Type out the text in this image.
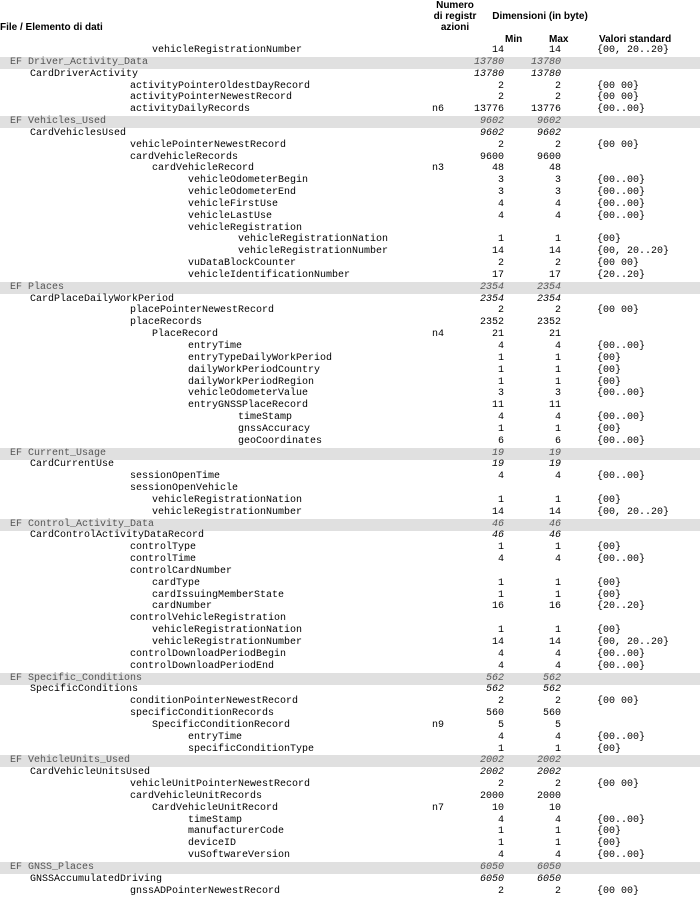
File / Elemento di dati
Numero di registr azioni
Dimensioni (in byte)
Min	Max	Valori standard
vehicleRegistrationNumber	14	14	{00, 20..20}
EF Driver_Activity_Data	13780	13780
CardDriverActivity	13780	13780
activityPointerOldestDayRecord	2	2	{00 00}
activityPointerNewestRecord	2	2	{00 00}
activityDailyRecords	n6	13776	13776	{00..00}
EF Vehicles_Used	9602	9602
CardVehiclesUsed	9602	9602
vehiclePointerNewestRecord	2	2	{00 00}
cardVehicleRecords	9600	9600
cardVehicleRecord	n3	48	48
vehicleOdometerBegin	3	3	{00..00}
vehicleOdometerEnd	3	3	{00..00}
vehicleFirstUse	4	4	{00..00}
vehicleLastUse	4	4	{00..00}
vehicleRegistration
vehicleRegistrationNation	1	1	{00}
vehicleRegistrationNumber	14	14	{00, 20..20}
vuDataBlockCounter	2	2	{00 00}
vehicleIdentificationNumber	17	17	{20..20}
EF Places	2354	2354
CardPlaceDailyWorkPeriod	2354	2354
placePointerNewestRecord	2	2	{00 00}
placeRecords	2352	2352
PlaceRecord	n4	21	21
entryTime	4	4	{00..00}
entryTypeDailyWorkPeriod	1	1	{00}
dailyWorkPeriodCountry	1	1	{00}
dailyWorkPeriodRegion	1	1	{00}
vehicleOdometerValue	3	3	{00..00}
entryGNSSPlaceRecord	11	11
timeStamp	4	4	{00..00}
gnssAccuracy	1	1	{00}
geoCoordinates	6	6	{00..00}
EF Current_Usage	19	19
CardCurrentUse	19	19
sessionOpenTime	4	4	{00..00}
sessionOpenVehicle
vehicleRegistrationNation	1	1	{00}
vehicleRegistrationNumber	14	14	{00, 20..20}
EF Control_Activity_Data	46	46
CardControlActivityDataRecord	46	46
controlType	1	1	{00}
controlTime	4	4	{00..00}
controlCardNumber
cardType	1	1	{00}
cardIssuingMemberState	1	1	{00}
cardNumber	16	16	{20..20}
controlVehicleRegistration
vehicleRegistrationNation	1	1	{00}
vehicleRegistrationNumber	14	14	{00, 20..20}
controlDownloadPeriodBegin	4	4	{00..00}
controlDownloadPeriodEnd	4	4	{00..00}
EF Specific_Conditions	562	562
SpecificConditions	562	562
conditionPointerNewestRecord	2	2	{00 00}
specificConditionRecords	560	560
SpecificConditionRecord	n9	5	5
entryTime	4	4	{00..00}
specificConditionType	1	1	{00}
EF VehicleUnits_Used	2002	2002
CardVehicleUnitsUsed	2002	2002
vehicleUnitPointerNewestRecord	2	2	{00 00}
cardVehicleUnitRecords	2000	2000
CardVehicleUnitRecord	n7	10	10
timeStamp	4	4	{00..00}
manufacturerCode	1	1	{00}
deviceID	1	1	{00}
vuSoftwareVersion	4	4	{00..00}
EF GNSS_Places	6050	6050
GNSSAccumulatedDriving	6050	6050
gnssADPointerNewestRecord	2	2	{00 00}
